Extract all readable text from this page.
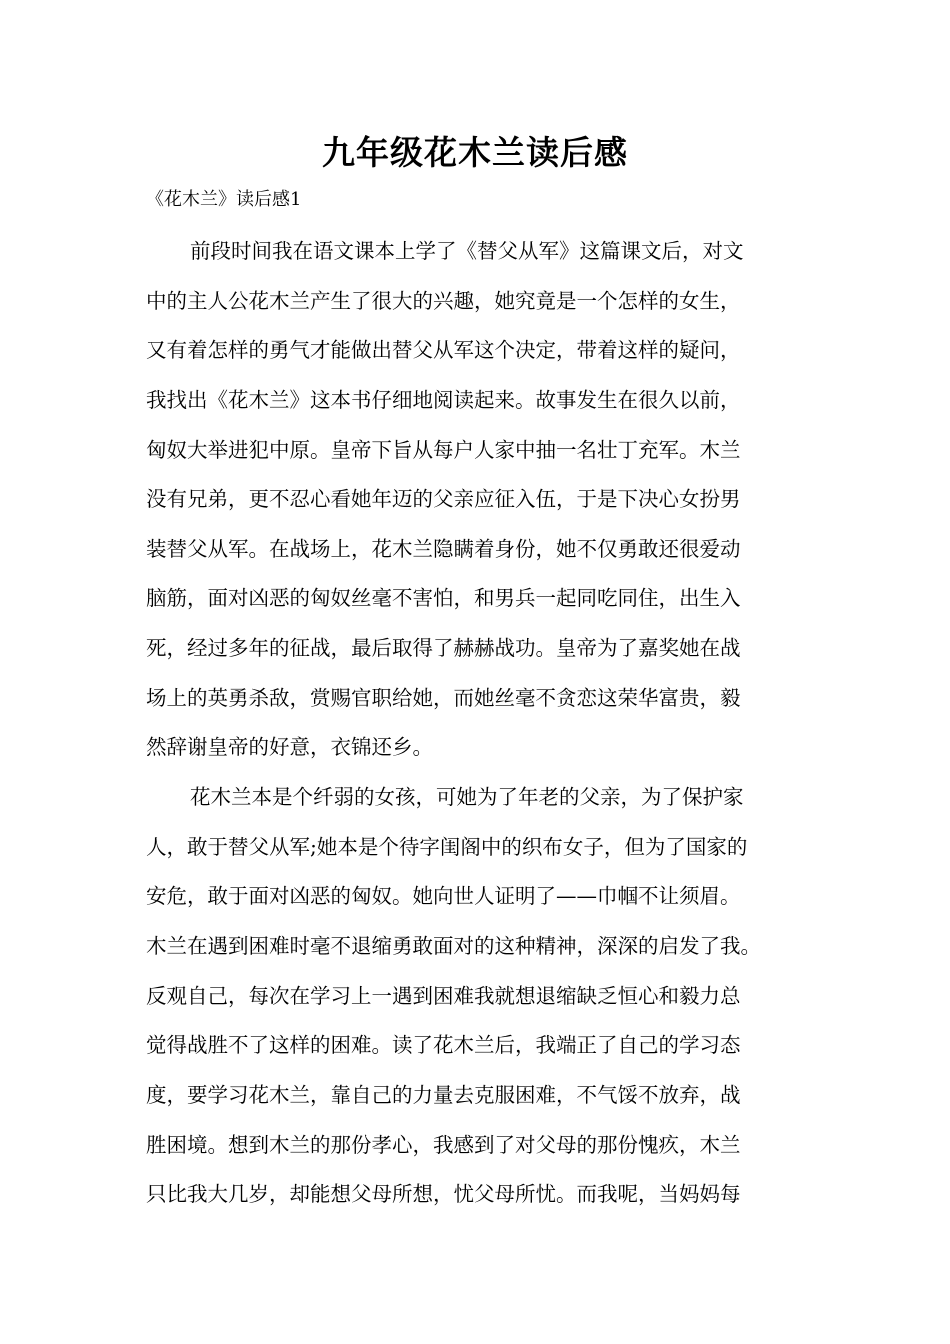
九年级花木兰读后感

《花木兰》读后感1

前段时间我在语文课本上学了《替父从军》这篇课文后，对文
中的主人公花木兰产生了很大的兴趣，她究竟是一个怎样的女生，
又有着怎样的勇气才能做出替父从军这个决定，带着这样的疑问，
我找出《花木兰》这本书仔细地阅读起来。故事发生在很久以前，
匈奴大举进犯中原。皇帝下旨从每户人家中抽一名壮丁充军。木兰
没有兄弟，更不忍心看她年迈的父亲应征入伍，于是下决心女扮男
装替父从军。在战场上，花木兰隐瞒着身份，她不仅勇敢还很爱动
脑筋，面对凶恶的匈奴丝毫不害怕，和男兵一起同吃同住，出生入
死，经过多年的征战，最后取得了赫赫战功。皇帝为了嘉奖她在战
场上的英勇杀敌，赏赐官职给她，而她丝毫不贪恋这荣华富贵，毅
然辞谢皇帝的好意，衣锦还乡。
花木兰本是个纤弱的女孩，可她为了年老的父亲，为了保护家
人，敢于替父从军;她本是个待字闺阁中的织布女子，但为了国家的
安危，敢于面对凶恶的匈奴。她向世人证明了——巾帼不让须眉。
木兰在遇到困难时毫不退缩勇敢面对的这种精神，深深的启发了我。
反观自己，每次在学习上一遇到困难我就想退缩缺乏恒心和毅力总
觉得战胜不了这样的困难。读了花木兰后，我端正了自己的学习态
度，要学习花木兰，靠自己的力量去克服困难，不气馁不放弃，战
胜困境。想到木兰的那份孝心，我感到了对父母的那份愧疚，木兰
只比我大几岁，却能想父母所想，忧父母所忧。而我呢，当妈妈每
